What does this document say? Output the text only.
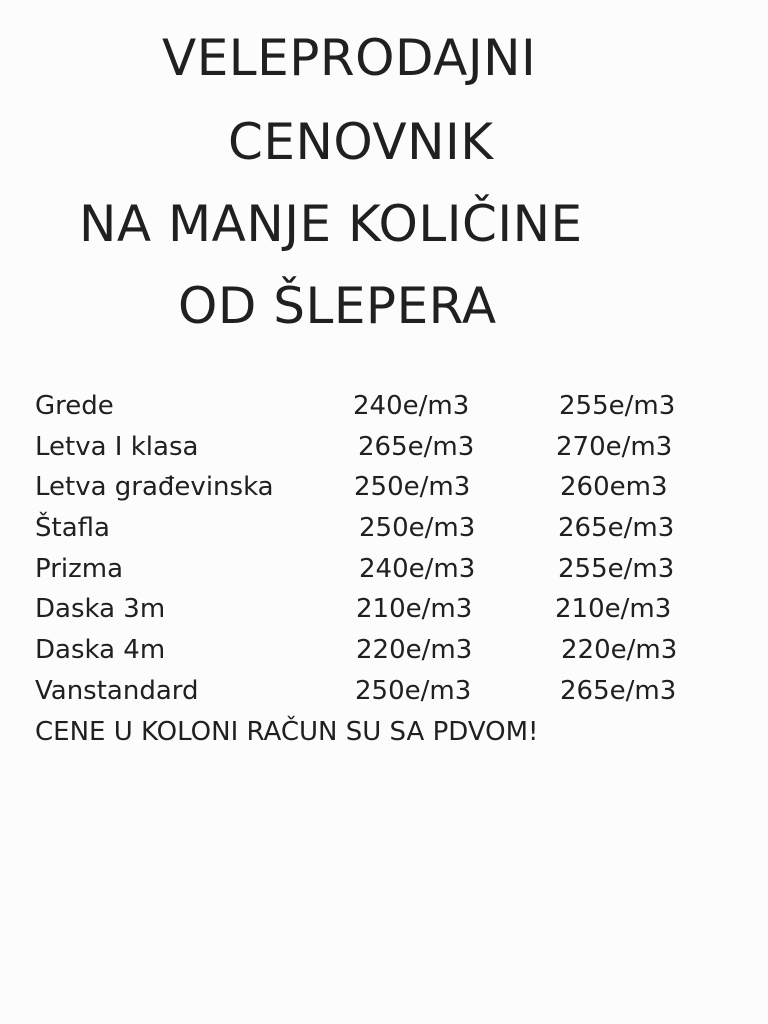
VELEPRODAJNI
CENOVNIK
NA MANJE KOLIČINE
OD ŠLEPERA
Grede	240e/m3	255e/m3
Letva I klasa	265e/m3	270e/m3
Letva građevinska	250e/m3	260em3
Štafla	250e/m3	265e/m3
Prizma	240e/m3	255e/m3
Daska 3m	210e/m3	210e/m3
Daska 4m	220e/m3	220e/m3
Vanstandard	250e/m3	265e/m3
CENE U KOLONI RAČUN SU SA PDVOM!
